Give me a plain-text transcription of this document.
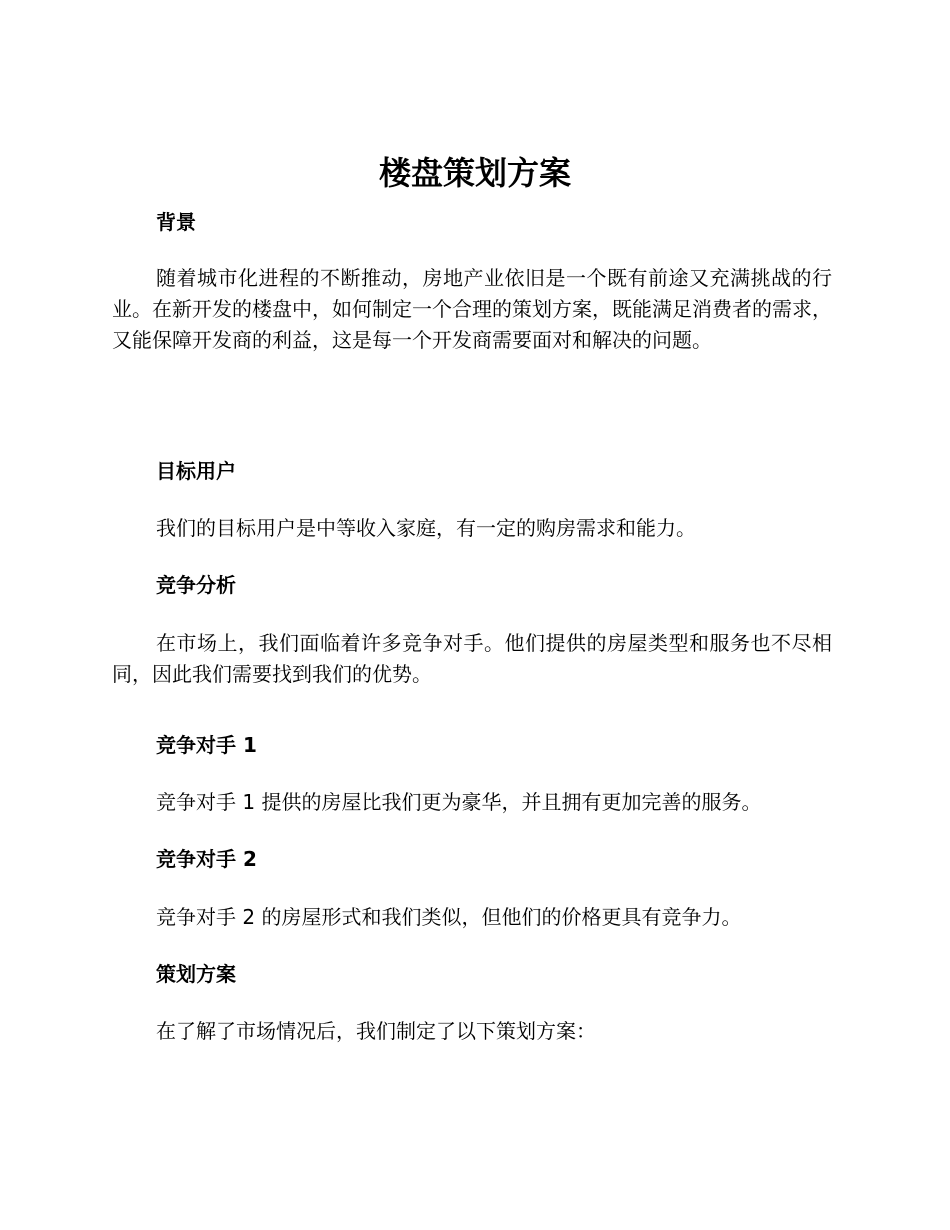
楼盘策划方案
背景

随着城市化进程的不断推动，房地产业依旧是一个既有前途又充满挑战的行业。在新开发的楼盘中，如何制定一个合理的策划方案，既能满足消费者的需求，又能保障开发商的利益，这是每一个开发商需要面对和解决的问题。

目标用户

我们的目标用户是中等收入家庭，有一定的购房需求和能力。

竞争分析

在市场上，我们面临着许多竞争对手。他们提供的房屋类型和服务也不尽相同，因此我们需要找到我们的优势。

竞争对手 1

竞争对手 1 提供的房屋比我们更为豪华，并且拥有更加完善的服务。

竞争对手 2

竞争对手 2 的房屋形式和我们类似，但他们的价格更具有竞争力。

策划方案

在了解了市场情况后，我们制定了以下策划方案：
